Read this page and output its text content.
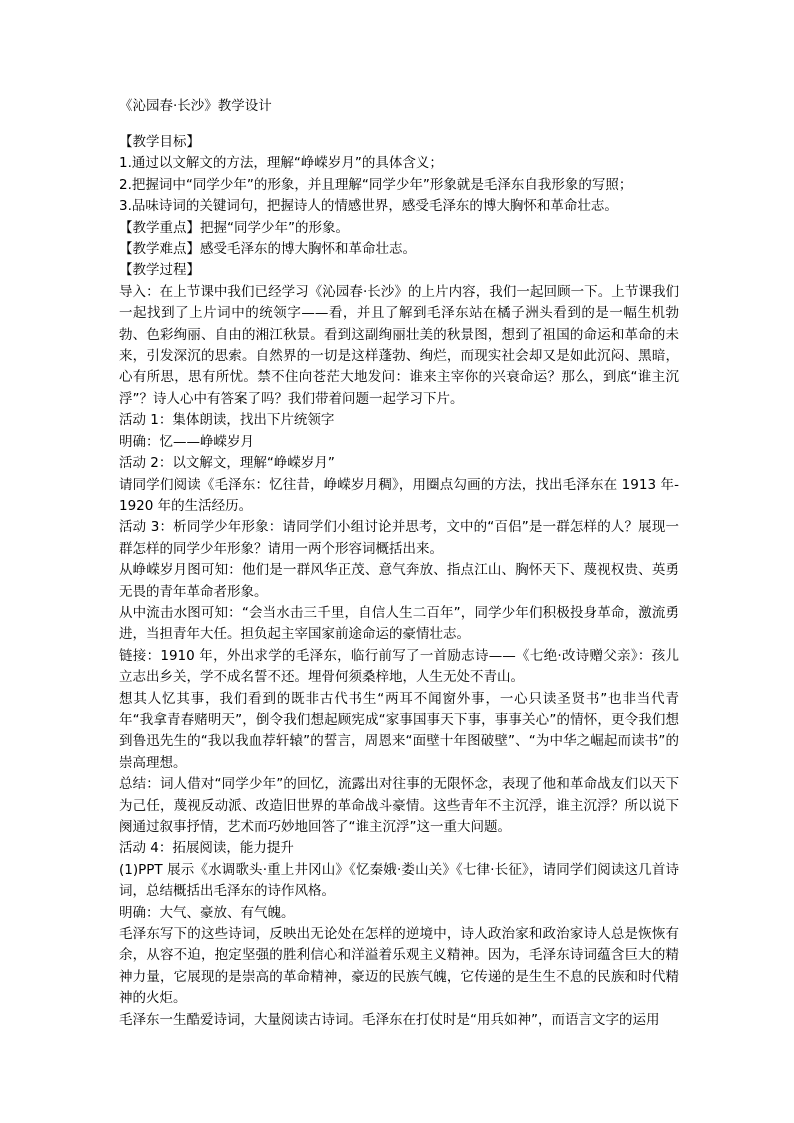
《沁园春·长沙》教学设计

【教学目标】

1.通过以文解文的方法，理解“峥嵘岁月”的具体含义；

2.把握词中“同学少年”的形象，并且理解“同学少年”形象就是毛泽东自我形象的写照；

3.品味诗词的关键词句，把握诗人的情感世界，感受毛泽东的博大胸怀和革命壮志。

【教学重点】把握“同学少年”的形象。

【教学难点】感受毛泽东的博大胸怀和革命壮志。

【教学过程】

导入：在上节课中我们已经学习《沁园春·长沙》的上片内容，我们一起回顾一下。上节课我们一起找到了上片词中的统领字——看，并且了解到毛泽东站在橘子洲头看到的是一幅生机勃勃、色彩绚丽、自由的湘江秋景。看到这副绚丽壮美的秋景图，想到了祖国的命运和革命的未来，引发深沉的思索。自然界的一切是这样蓬勃、绚烂，而现实社会却又是如此沉闷、黑暗，心有所思，思有所忧。禁不住向苍茫大地发问：谁来主宰你的兴衰命运？那么，到底“谁主沉浮”？诗人心中有答案了吗？我们带着问题一起学习下片。

活动 1：集体朗读，找出下片统领字

明确：忆——峥嵘岁月

活动 2：以文解文，理解“峥嵘岁月”

请同学们阅读《毛泽东：忆往昔，峥嵘岁月稠》，用圈点勾画的方法，找出毛泽东在 1913 年-1920 年的生活经历。

活动 3：析同学少年形象：请同学们小组讨论并思考，文中的“百侣”是一群怎样的人？展现一群怎样的同学少年形象？请用一两个形容词概括出来。

从峥嵘岁月图可知：他们是一群风华正茂、意气奔放、指点江山、胸怀天下、蔑视权贵、英勇无畏的青年革命者形象。

从中流击水图可知：“会当水击三千里，自信人生二百年”，同学少年们积极投身革命，激流勇进，当担青年大任。担负起主宰国家前途命运的豪情壮志。

链接：1910 年，外出求学的毛泽东，临行前写了一首励志诗——《七绝·改诗赠父亲》：孩儿立志出乡关，学不成名誓不还。埋骨何须桑梓地，人生无处不青山。

想其人忆其事，我们看到的既非古代书生“两耳不闻窗外事，一心只读圣贤书”也非当代青年“我拿青春赌明天”，倒令我们想起顾宪成“家事国事天下事，事事关心”的情怀，更令我们想到鲁迅先生的“我以我血荐轩辕”的誓言，周恩来“面壁十年图破壁”、“为中华之崛起而读书”的崇高理想。

总结：词人借对“同学少年”的回忆，流露出对往事的无限怀念，表现了他和革命战友们以天下为己任，蔑视反动派、改造旧世界的革命战斗豪情。这些青年不主沉浮，谁主沉浮？所以说下阕通过叙事抒情，艺术而巧妙地回答了“谁主沉浮”这一重大问题。

活动 4：拓展阅读，能力提升

(1)PPT 展示《水调歌头·重上井冈山》《忆秦娥·娄山关》《七律·长征》，请同学们阅读这几首诗词，总结概括出毛泽东的诗作风格。

明确：大气、豪放、有气魄。

毛泽东写下的这些诗词，反映出无论处在怎样的逆境中，诗人政治家和政治家诗人总是恢恢有余，从容不迫，抱定坚强的胜利信心和洋溢着乐观主义精神。因为，毛泽东诗词蕴含巨大的精神力量，它展现的是崇高的革命精神，豪迈的民族气魄，它传递的是生生不息的民族和时代精神的火炬。

毛泽东一生酷爱诗词，大量阅读古诗词。毛泽东在打仗时是“用兵如神”，而语言文字的运用
